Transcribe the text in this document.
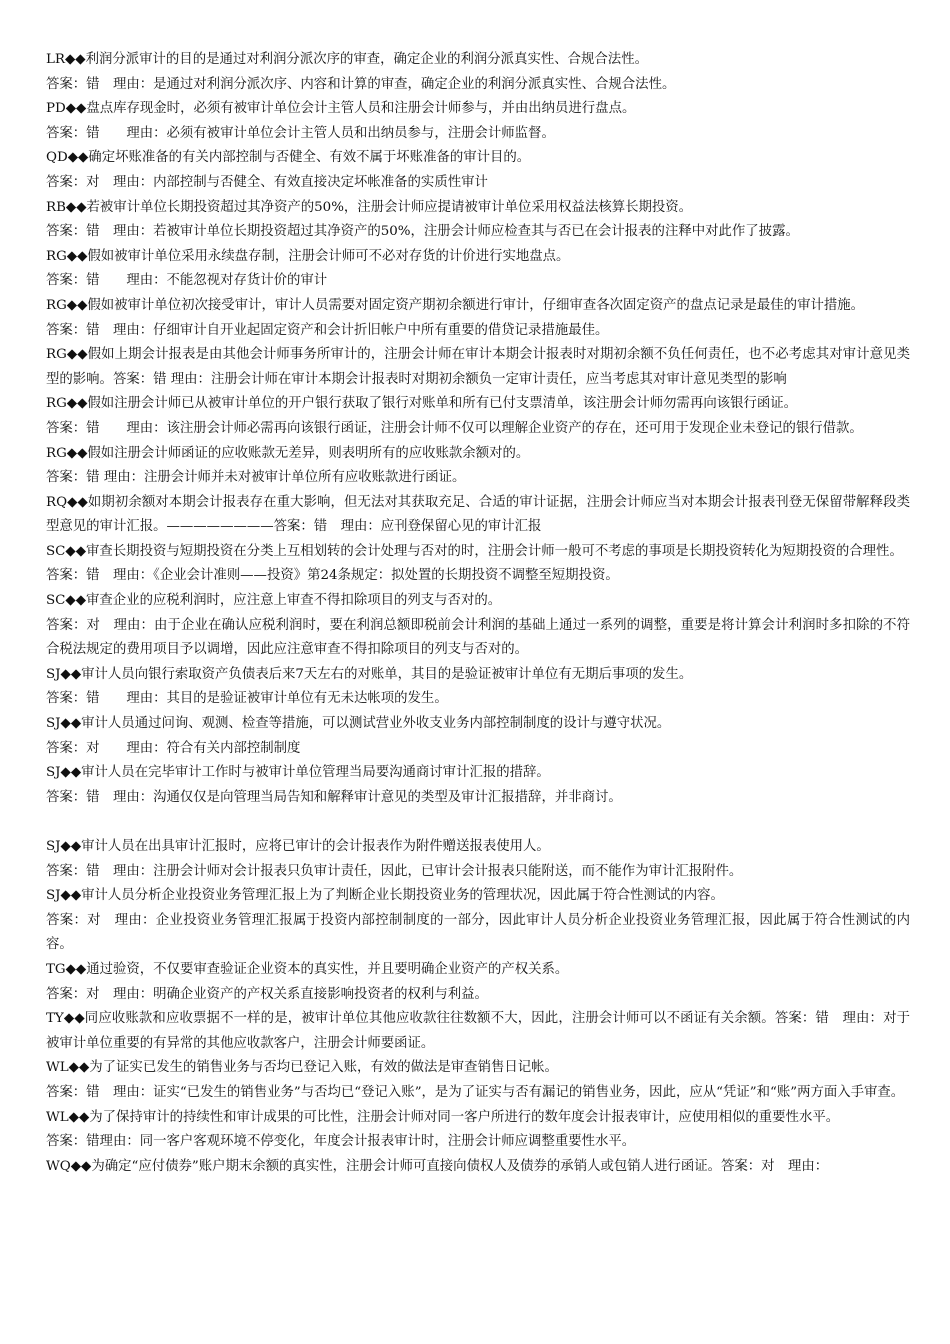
LR◆◆利润分派审计的目的是通过对利润分派次序的审查，确定企业的利润分派真实性、合规合法性。

答案：错　理由：是通过对利润分派次序、内容和计算的审查，确定企业的利润分派真实性、合规合法性。

PD◆◆盘点库存现金时，必须有被审计单位会计主管人员和注册会计师参与，并由出纳员进行盘点。

答案：错　　理由：必须有被审计单位会计主管人员和出纳员参与，注册会计师监督。

QD◆◆确定坏账准备的有关内部控制与否健全、有效不属于坏账准备的审计目的。

答案：对　理由：内部控制与否健全、有效直接决定坏帐准备的实质性审计

RB◆◆若被审计单位长期投资超过其净资产的50%，注册会计师应提请被审计单位采用权益法核算长期投资。

答案：错　理由：若被审计单位长期投资超过其净资产的50%，注册会计师应检查其与否已在会计报表的注释中对此作了披露。

RG◆◆假如被审计单位采用永续盘存制，注册会计师可不必对存货的计价进行实地盘点。

答案：错　　理由：不能忽视对存货计价的审计

RG◆◆假如被审计单位初次接受审计，审计人员需要对固定资产期初余额进行审计，仔细审查各次固定资产的盘点记录是最佳的审计措施。

答案：错　理由：仔细审计自开业起固定资产和会计折旧帐户中所有重要的借贷记录措施最佳。

RG◆◆假如上期会计报表是由其他会计师事务所审计的，注册会计师在审计本期会计报表时对期初余额不负任何责任，也不必考虑其对审计意见类型的影响。答案：错 理由：注册会计师在审计本期会计报表时对期初余额负一定审计责任，应当考虑其对审计意见类型的影响

RG◆◆假如注册会计师已从被审计单位的开户银行获取了银行对账单和所有已付支票清单，该注册会计师勿需再向该银行函证。

答案：错　　理由：该注册会计师必需再向该银行函证，注册会计师不仅可以理解企业资产的存在，还可用于发现企业未登记的银行借款。

RG◆◆假如注册会计师函证的应收账款无差异，则表明所有的应收账款余额对的。

答案：错 理由：注册会计师并未对被审计单位所有应收账款进行函证。

RQ◆◆如期初余额对本期会计报表存在重大影响，但无法对其获取充足、合适的审计证据，注册会计师应当对本期会计报表刊登无保留带解释段类型意见的审计汇报。————————答案：错　理由：应刊登保留心见的审计汇报

SC◆◆审查长期投资与短期投资在分类上互相划转的会计处理与否对的时，注册会计师一般可不考虑的事项是长期投资转化为短期投资的合理性。

答案：错　理由：《企业会计准则——投资》第24条规定：拟处置的长期投资不调整至短期投资。

SC◆◆审查企业的应税利润时，应注意上审查不得扣除项目的列支与否对的。

答案：对　理由：由于企业在确认应税利润时，要在利润总额即税前会计利润的基础上通过一系列的调整，重要是将计算会计利润时多扣除的不符合税法规定的费用项目予以调增，因此应注意审查不得扣除项目的列支与否对的。

SJ◆◆审计人员向银行索取资产负债表后来7天左右的对账单，其目的是验证被审计单位有无期后事项的发生。

答案：错　　理由：其目的是验证被审计单位有无未达帐项的发生。

SJ◆◆审计人员通过问询、观测、检查等措施，可以测试营业外收支业务内部控制制度的设计与遵守状况。

答案：对　　理由：符合有关内部控制制度

SJ◆◆审计人员在完毕审计工作时与被审计单位管理当局要沟通商讨审计汇报的措辞。

答案：错　理由：沟通仅仅是向管理当局告知和解释审计意见的类型及审计汇报措辞，并非商讨。

SJ◆◆审计人员在出具审计汇报时，应将已审计的会计报表作为附件赠送报表使用人。

答案：错　理由：注册会计师对会计报表只负审计责任，因此，已审计会计报表只能附送，而不能作为审计汇报附件。

SJ◆◆审计人员分析企业投资业务管理汇报上为了判断企业长期投资业务的管理状况，因此属于符合性测试的内容。

答案：对　理由：企业投资业务管理汇报属于投资内部控制制度的一部分，因此审计人员分析企业投资业务管理汇报，因此属于符合性测试的内容。

TG◆◆通过验资，不仅要审查验证企业资本的真实性，并且要明确企业资产的产权关系。

答案：对　理由：明确企业资产的产权关系直接影响投资者的权利与利益。

TY◆◆同应收账款和应收票据不一样的是，被审计单位其他应收款往往数额不大，因此，注册会计师可以不函证有关余额。答案：错　理由：对于被审计单位重要的有异常的其他应收款客户，注册会计师要函证。

WL◆◆为了证实已发生的销售业务与否均已登记入账，有效的做法是审查销售日记帐。

答案：错　理由：证实“已发生的销售业务”与否均已“登记入账”，是为了证实与否有漏记的销售业务，因此，应从“凭证”和“账”两方面入手审查。

WL◆◆为了保持审计的持续性和审计成果的可比性，注册会计师对同一客户所进行的数年度会计报表审计，应使用相似的重要性水平。

答案：错理由：同一客户客观环境不停变化，年度会计报表审计时，注册会计师应调整重要性水平。

WQ◆◆为确定“应付债券”账户期末余额的真实性，注册会计师可直接向债权人及债券的承销人或包销人进行函证。答案：对　理由：
